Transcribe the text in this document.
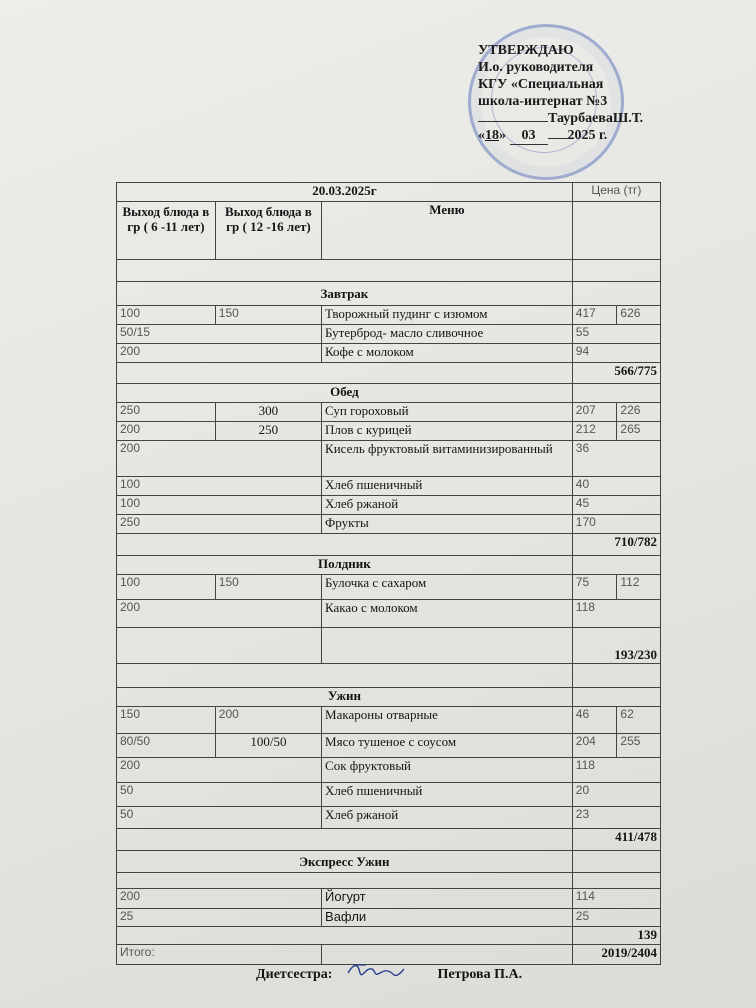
УТВЕРЖДАЮ
И.о. руководителя
КГУ «Специальная
школа-интернат №3
ТаурбаеваШ.Т.
«18» 03 2025 г.
20.03.2025г			Цена (тг)	
Выход блюда в гр ( 6 -11 лет)	Выход блюда в гр ( 12 -16 лет)	Меню		

Завтрак				
100	150	Творожный пудинг с изюмом	417	626
50/15		Бутерброд- масло сливочное	55	
200		Кофе с молоком	94	
			566/775	
Обед				
250	300	Суп гороховый	207	226
200	250	Плов с курицей	212	265
200		Кисель фруктовый витаминизированный	36	
100		Хлеб пшеничный	40	
100		Хлеб ржаной	45	
250		Фрукты	170	
			710/782	
Полдник				
100	150	Булочка с сахаром	75	112
200		Какао с молоком	118	
			193/230	

Ужин				
150	200	Макароны отварные	46	62
80/50	100/50	Мясо тушеное с соусом	204	255
200		Сок фруктовый	118	
50		Хлеб пшеничный	20	
50		Хлеб ржаной	23	
			411/478	
Экспресс Ужин				

200		Йогурт	114	
25		Вафли	25	
			139	
Итого:			2019/2404	
Диетсестра:	Петрова П.А.
